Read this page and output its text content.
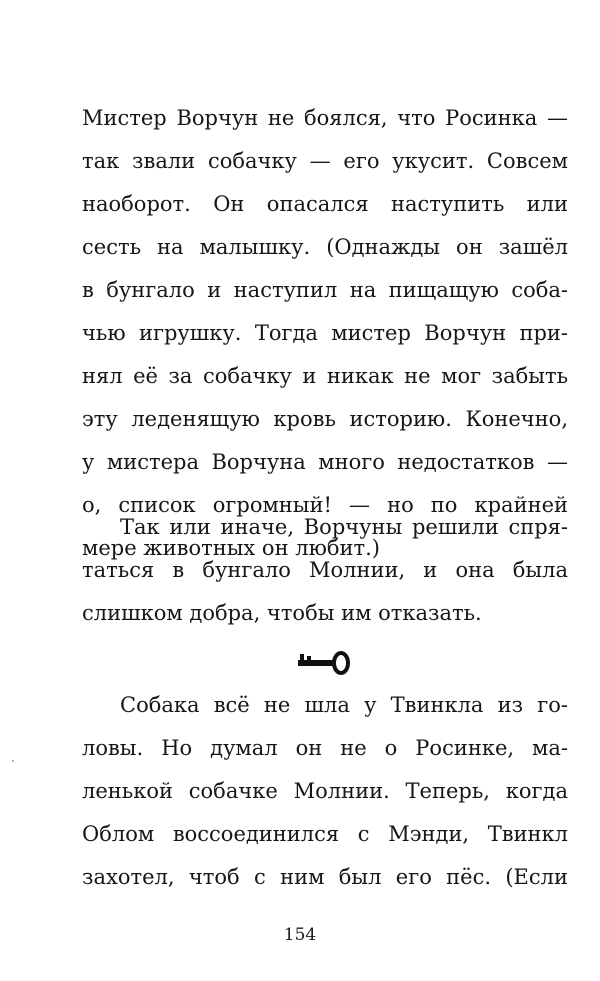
Мистер Ворчун не боялся, что Росинка —
так звали собачку — его укусит. Совсем
наоборот. Он опасался наступить или
сесть на малышку. (Однажды он зашёл
в бунгало и наступил на пищащую соба-
чью игрушку. Тогда мистер Ворчун при-
нял её за собачку и никак не мог забыть
эту леденящую кровь историю. Конечно,
у мистера Ворчуна много недостатков —
о, список огромный! — но по крайней
мере животных он любит.)
Так или иначе, Ворчуны решили спря-
таться в бунгало Молнии, и она была
слишком добра, чтобы им отказать.
Собака всё не шла у Твинкла из го-
ловы. Но думал он не о Росинке, ма-
ленькой собачке Молнии. Теперь, когда
Облом воссоединился с Мэнди, Твинкл
захотел, чтоб с ним был его пёс. (Если
154
